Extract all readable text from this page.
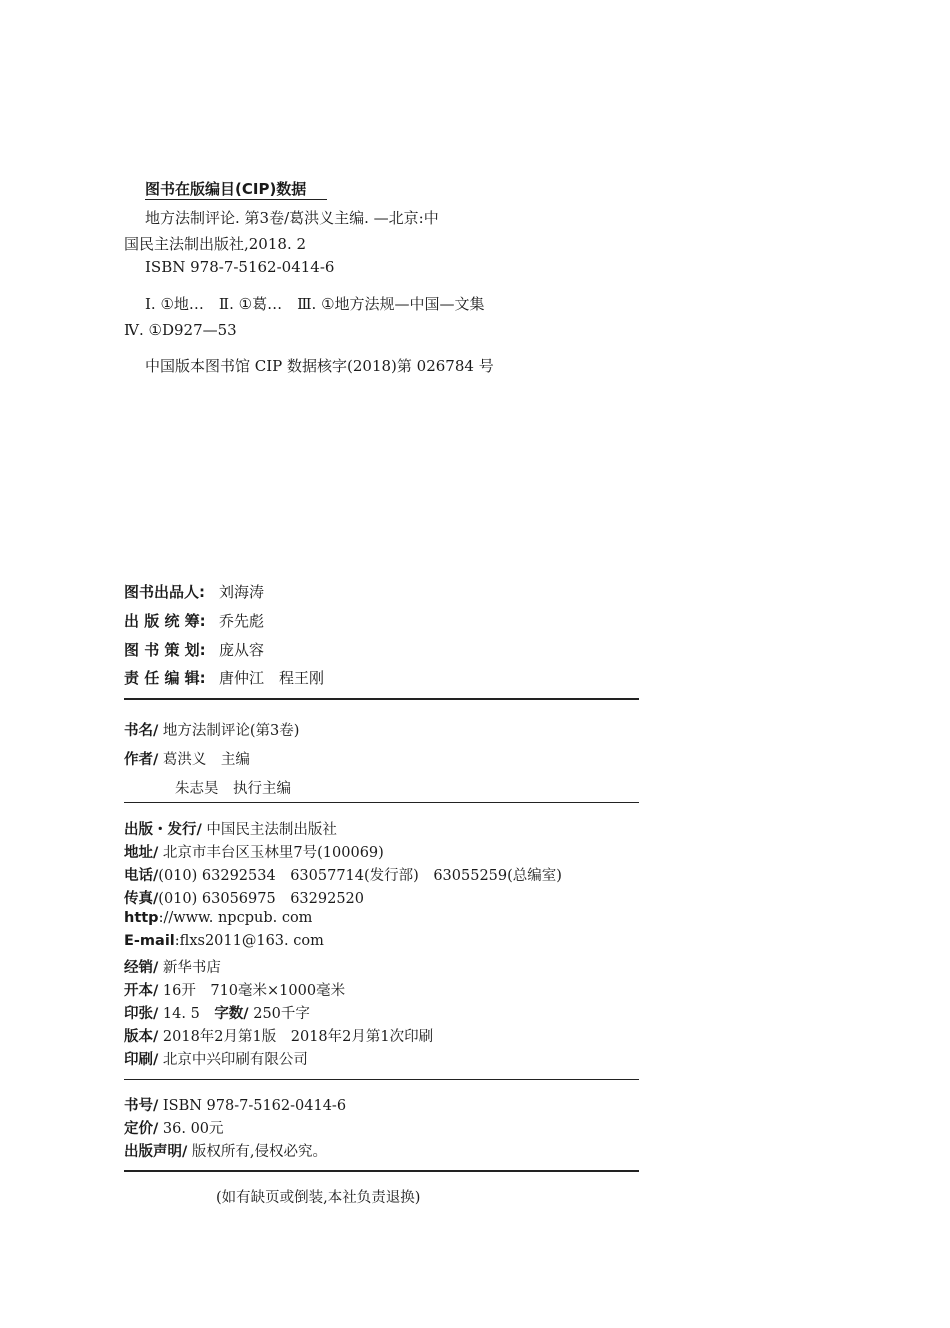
图书在版编目(CIP)数据
地方法制评论. 第3卷/葛洪义主编. —北京:中
国民主法制出版社,2018. 2
ISBN 978-7-5162-0414-6
Ⅰ. ①地…　Ⅱ. ①葛…　Ⅲ. ①地方法规—中国—文集
Ⅳ. ①D927—53
中国版本图书馆 CIP 数据核字(2018)第 026784 号
图书出品人: 刘海涛
出 版 统 筹: 乔先彪
图 书 策 划: 庞从容
责 任 编 辑: 唐仲江　程王刚
书名/ 地方法制评论(第3卷)
作者/ 葛洪义　主编
朱志昊　执行主编
出版・发行/ 中国民主法制出版社
地址/ 北京市丰台区玉林里7号(100069)
电话/(010) 63292534　63057714(发行部)　63055259(总编室)
传真/(010) 63056975　63292520
http://www. npcpub. com
E-mail:flxs2011@163. com
经销/ 新华书店
开本/ 16开　710毫米×1000毫米
印张/ 14. 5　字数/ 250千字
版本/ 2018年2月第1版　2018年2月第1次印刷
印刷/ 北京中兴印刷有限公司
书号/ ISBN 978-7-5162-0414-6
定价/ 36. 00元
出版声明/ 版权所有,侵权必究。
(如有缺页或倒装,本社负责退换)
